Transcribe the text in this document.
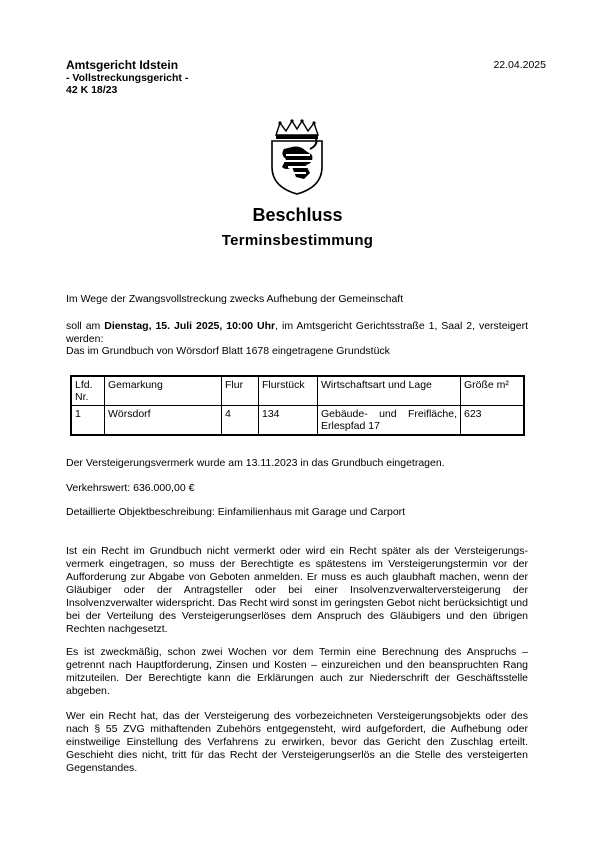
Amtsgericht Idstein
- Vollstreckungsgericht -
42 K 18/23
22.04.2025
Beschluss
Terminsbestimmung
Im Wege der Zwangsvollstreckung zwecks Aufhebung der Gemeinschaft
soll am Dienstag, 15. Juli 2025, 10:00 Uhr, im Amtsgericht Gerichtsstraße 1, Saal 2, versteigert werden:
Das im Grundbuch von Wörsdorf Blatt 1678 eingetragene Grundstück
Lfd. Nr.	Gemarkung	Flur	Flurstück	Wirtschaftsart und Lage	Größe m²
1	Wörsdorf	4	134	Gebäude- und Freifläche, Erlespfad 17	623
Der Versteigerungsvermerk wurde am 13.11.2023 in das Grundbuch eingetragen.
Verkehrswert: 636.000,00 €
Detaillierte Objektbeschreibung: Einfamilienhaus mit Garage und Carport
Ist ein Recht im Grundbuch nicht vermerkt oder wird ein Recht später als der Versteigerungs-vermerk eingetragen, so muss der Berechtigte es spätestens im Versteigerungstermin vor der Aufforderung zur Abgabe von Geboten anmelden. Er muss es auch glaubhaft machen, wenn der Gläubiger oder der Antragsteller oder bei einer Insolvenzverwalterversteigerung der Insolvenzverwalter widerspricht. Das Recht wird sonst im geringsten Gebot nicht berücksichtigt und bei der Verteilung des Versteigerungserlöses dem Anspruch des Gläubigers und den übrigen Rechten nachgesetzt.
Es ist zweckmäßig, schon zwei Wochen vor dem Termin eine Berechnung des Anspruchs – getrennt nach Hauptforderung, Zinsen und Kosten – einzureichen und den beanspruchten Rang mitzuteilen. Der Berechtigte kann die Erklärungen auch zur Niederschrift der Geschäftsstelle abgeben.
Wer ein Recht hat, das der Versteigerung des vorbezeichneten Versteigerungsobjekts oder des nach § 55 ZVG mithaftenden Zubehörs entgegensteht, wird aufgefordert, die Aufhebung oder einstweilige Einstellung des Verfahrens zu erwirken, bevor das Gericht den Zuschlag erteilt. Geschieht dies nicht, tritt für das Recht der Versteigerungserlös an die Stelle des versteigerten Gegenstandes.
